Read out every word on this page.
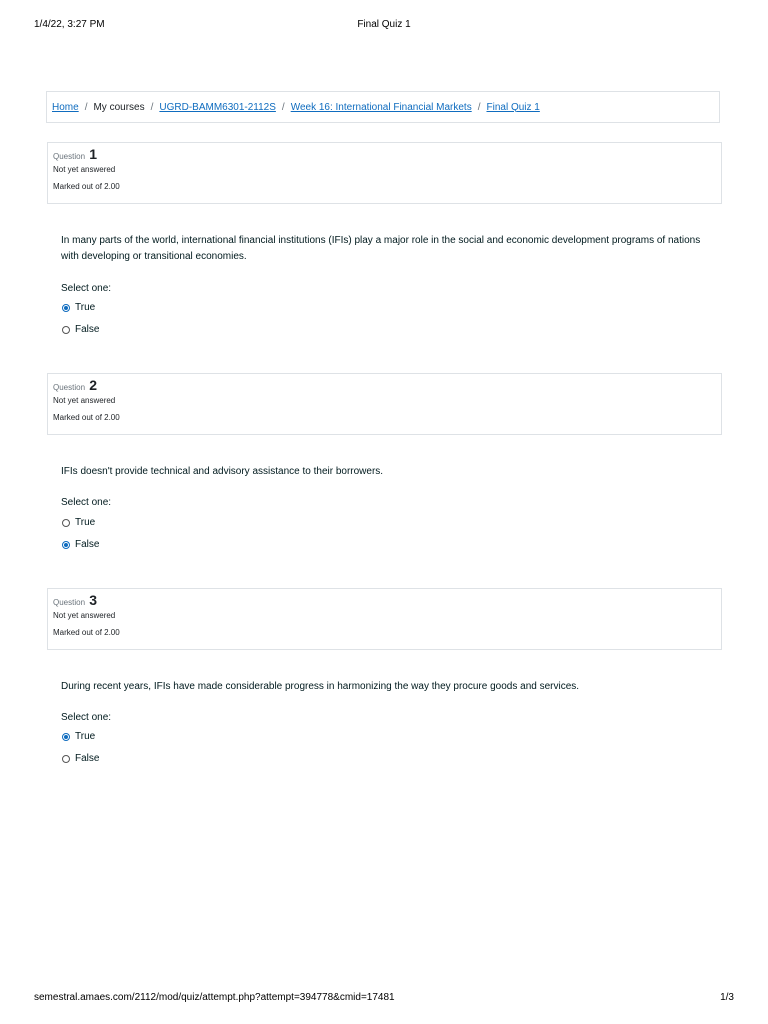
1/4/22, 3:27 PM	Final Quiz 1
Home / My courses / UGRD-BAMM6301-2112S / Week 16: International Financial Markets / Final Quiz 1
Question 1
Not yet answered
Marked out of 2.00
In many parts of the world, international financial institutions (IFIs) play a major role in the social and economic development programs of nations with developing or transitional economies.
Select one:
True
False
Question 2
Not yet answered
Marked out of 2.00
IFIs doesn't provide technical and advisory assistance to their borrowers.
Select one:
True
False
Question 3
Not yet answered
Marked out of 2.00
During recent years, IFIs have made considerable progress in harmonizing the way they procure goods and services.
Select one:
True
False
semestral.amaes.com/2112/mod/quiz/attempt.php?attempt=394778&cmid=17481	1/3
